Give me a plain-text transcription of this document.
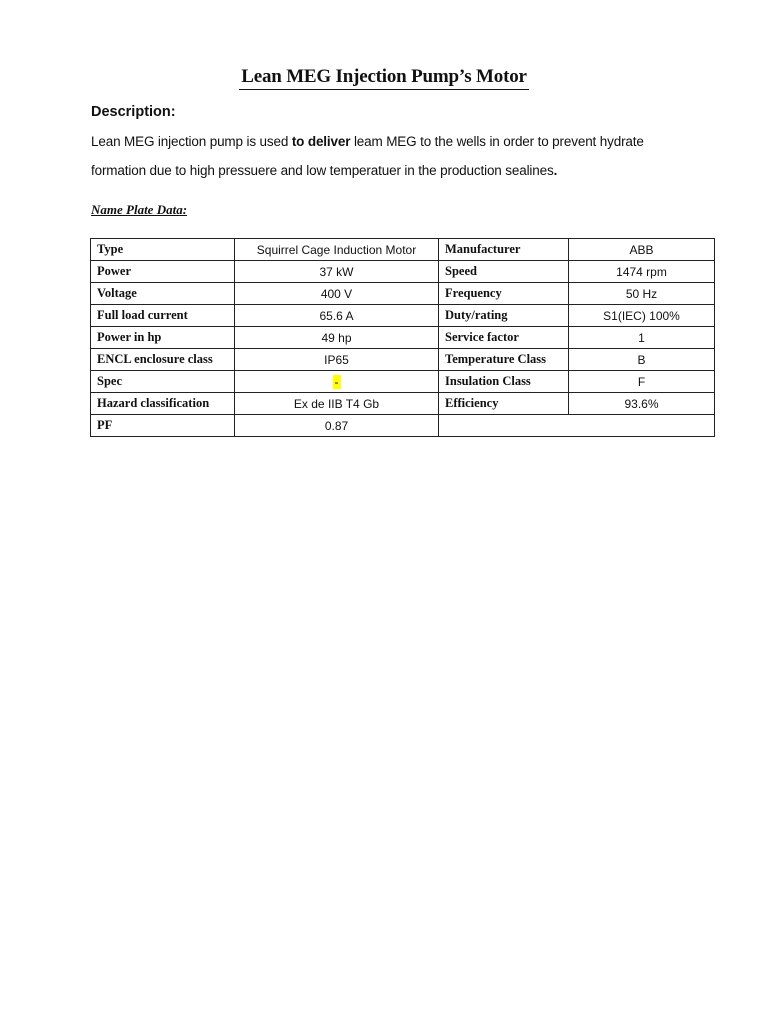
Lean MEG Injection Pump’s Motor
Description:
Lean MEG injection pump is used to deliver leam MEG to the wells in order to prevent hydrate
formation due to high pressuere and low temperatuer in the production sealines.
Name Plate Data:
Type	Squirrel Cage Induction Motor	Manufacturer	ABB
Power	37 kW	Speed	1474 rpm
Voltage	400 V	Frequency	50 Hz
Full load current	65.6 A	Duty/rating	S1(IEC) 100%
Power in hp	49 hp	Service factor	1
ENCL enclosure class	IP65	Temperature Class	B
Spec	-	Insulation Class	F
Hazard classification	Ex de IIB T4 Gb	Efficiency	93.6%
PF	0.87		
